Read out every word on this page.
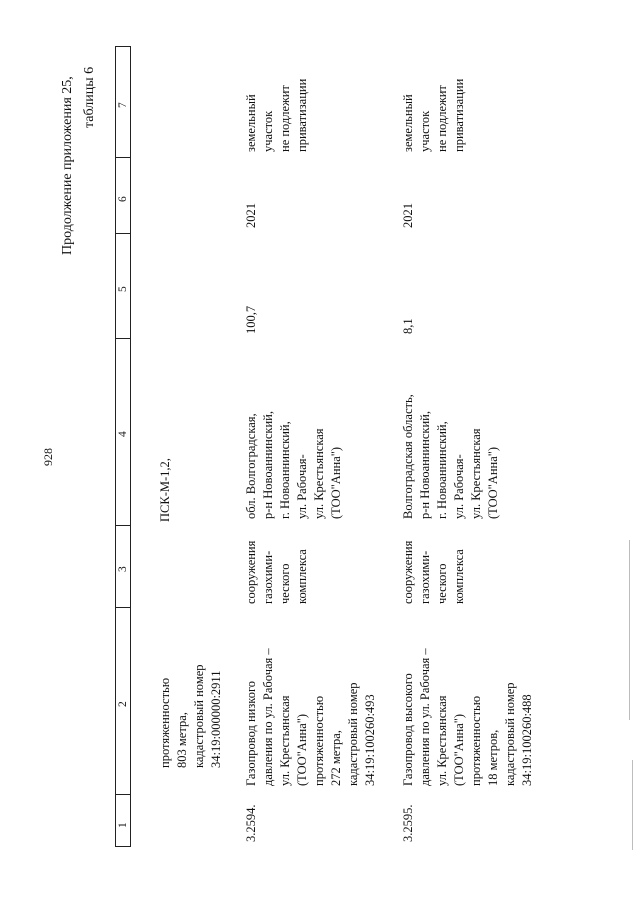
928
Продолжение приложения 25, таблицы 6
1
2
3
4
5
6
7
протяженностью
803 метра,
кадастровый номер
34:19:000000:2911
ПСК-М-1,2,
3.2594.
Газопровод низкого
давления по ул. Рабочая –
ул. Крестьянская
(ТОО"Анна")
протяженностью
272 метра,
кадастровый номер
34:19:100260:493
сооружения
газохими-
ческого
комплекса
обл. Волгоградская,
р-н Новоаннинский,
г. Новоаннинский,
ул. Рабочая-
ул. Крестьянская
(ТОО"Анна")
100,7
2021
земельный
участок
не подлежит
приватизации
3.2595.
Газопровод высокого
давления по ул. Рабочая –
ул. Крестьянская
(ТОО"Анна")
протяженностью
18 метров,
кадастровый номер
34:19:100260:488
сооружения
газохими-
ческого
комплекса
Волгоградская область,
р-н Новоаннинский,
г. Новоаннинский,
ул. Рабочая-
ул. Крестьянская
(ТОО"Анна")
8,1
2021
земельный
участок
не подлежит
приватизации
